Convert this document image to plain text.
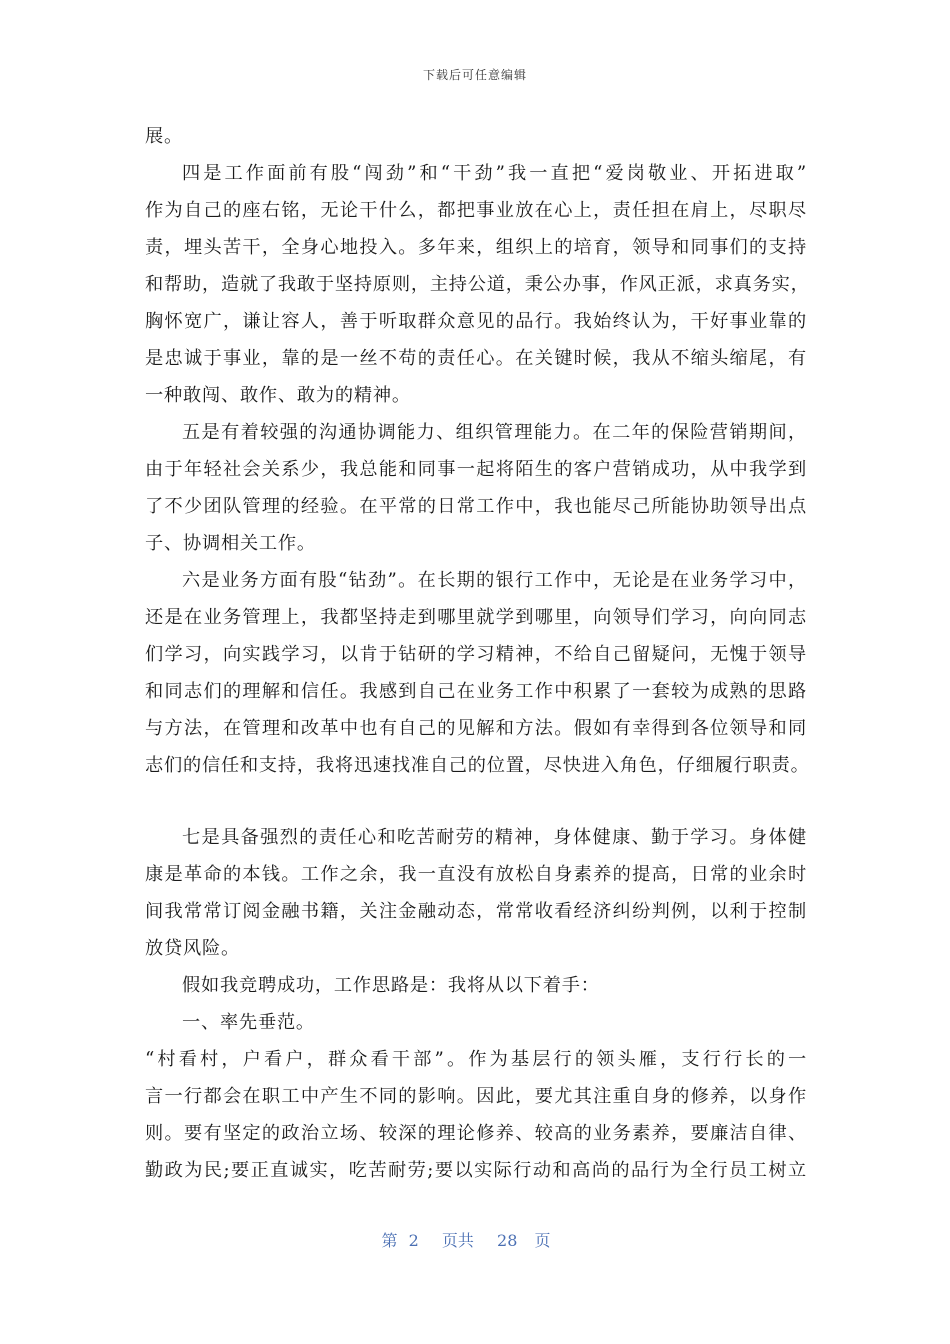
下载后可任意编辑
展。
四是工作面前有股“闯劲”和“干劲”我一直把“爱岗敬业、开拓进取”
作为自己的座右铭，无论干什么，都把事业放在心上，责任担在肩上，尽职尽
责，埋头苦干，全身心地投入。多年来，组织上的培育，领导和同事们的支持
和帮助，造就了我敢于坚持原则，主持公道，秉公办事，作风正派，求真务实，
胸怀宽广，谦让容人，善于听取群众意见的品行。我始终认为，干好事业靠的
是忠诚于事业，靠的是一丝不苟的责任心。在关键时候，我从不缩头缩尾，有
一种敢闯、敢作、敢为的精神。
五是有着较强的沟通协调能力、组织管理能力。在二年的保险营销期间，
由于年轻社会关系少，我总能和同事一起将陌生的客户营销成功，从中我学到
了不少团队管理的经验。在平常的日常工作中，我也能尽己所能协助领导出点
子、协调相关工作。
六是业务方面有股“钻劲”。在长期的银行工作中，无论是在业务学习中，
还是在业务管理上，我都坚持走到哪里就学到哪里，向领导们学习，向向同志
们学习，向实践学习，以肯于钻研的学习精神，不给自己留疑问，无愧于领导
和同志们的理解和信任。我感到自己在业务工作中积累了一套较为成熟的思路
与方法，在管理和改革中也有自己的见解和方法。假如有幸得到各位领导和同
志们的信任和支持，我将迅速找准自己的位置，尽快进入角色，仔细履行职责。
七是具备强烈的责任心和吃苦耐劳的精神，身体健康、勤于学习。身体健
康是革命的本钱。工作之余，我一直没有放松自身素养的提高，日常的业余时
间我常常订阅金融书籍，关注金融动态，常常收看经济纠纷判例，以利于控制
放贷风险。
假如我竞聘成功，工作思路是：我将从以下着手：
一、率先垂范。
“村看村，户看户，群众看干部”。作为基层行的领头雁，支行行长的一
言一行都会在职工中产生不同的影响。因此，要尤其注重自身的修养，以身作
则。要有坚定的政治立场、较深的理论修养、较高的业务素养，要廉洁自律、
勤政为民;要正直诚实，吃苦耐劳;要以实际行动和高尚的品行为全行员工树立
第 2 页共 28 页
